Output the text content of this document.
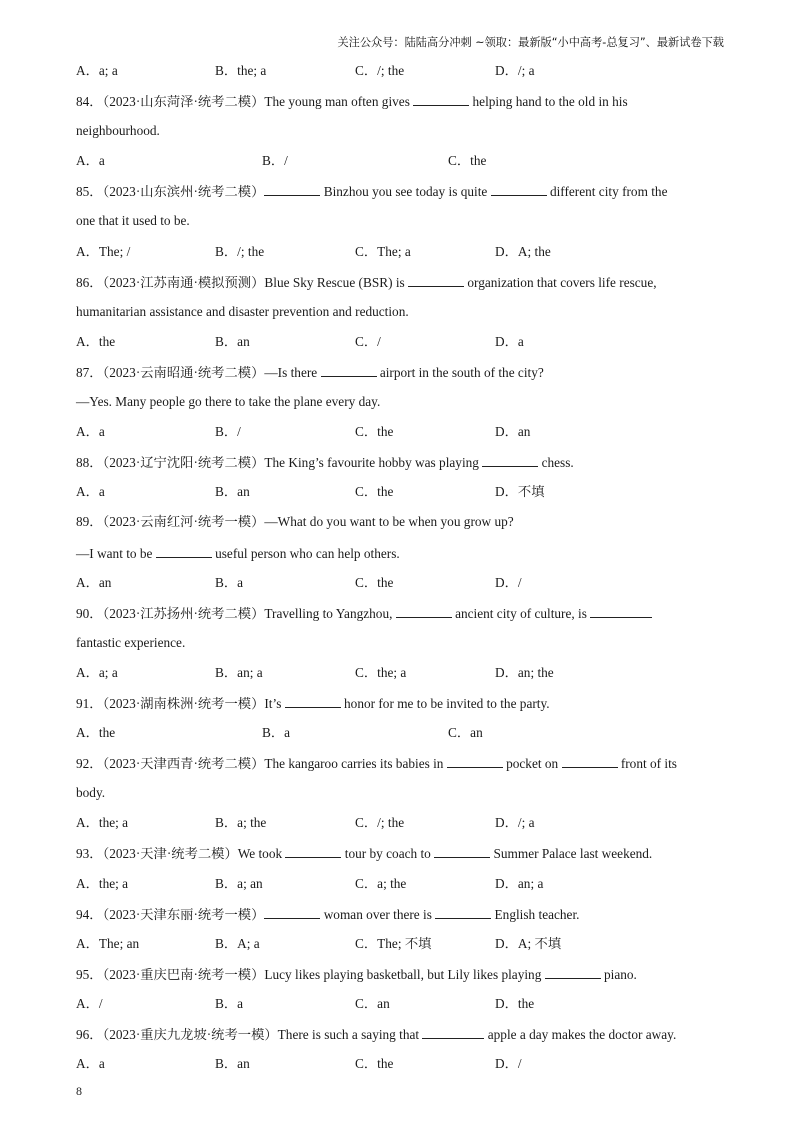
关注公众号：陆陆高分冲刺 ~领取：最新版“小中高考-总复习”、最新试卷下载
A．a; a	B．the; a	C．/; the	D．/; a
84．（2023·山东菏泽·统考二模）The young man often gives	helping hand to the old in his
neighbourhood.
A．a	B．/	C．the
85．（2023·山东滨州·统考二模）	Binzhou you see today is quite	different city from the
one that it used to be.
A．The; /	B．/; the	C．The; a	D．A; the
86．（2023·江苏南通·模拟预测）Blue Sky Rescue (BSR) is	organization that covers life rescue,
humanitarian assistance and disaster prevention and reduction.
A．the	B．an	C．/	D．a
87．（2023·云南昭通·统考二模）—Is there	airport in the south of the city?
—Yes. Many people go there to take the plane every day.
A．a	B．/	C．the	D．an
88．（2023·辽宁沈阳·统考二模）The King’s favourite hobby was playing	chess.
A．a	B．an	C．the	D．不填
89．（2023·云南红河·统考一模）—What do you want to be when you grow up?
—I want to be	useful person who can help others.
A．an	B．a	C．the	D．/
90．（2023·江苏扬州·统考二模）Travelling to Yangzhou,	ancient city of culture, is
fantastic experience.
A．a; a	B．an; a	C．the; a	D．an; the
91．（2023·湖南株洲·统考一模）It’s	honor for me to be invited to the party.
A．the	B．a	C．an
92．（2023·天津西青·统考二模）The kangaroo carries its babies in	pocket on	front of its
body.
A．the; a	B．a; the	C．/; the	D．/; a
93．（2023·天津·统考二模）We took	tour by coach to	Summer Palace last weekend.
A．the; a	B．a; an	C．a; the	D．an; a
94．（2023·天津东丽·统考一模）	woman over there is	English teacher.
A．The; an	B．A; a	C．The; 不填	D．A; 不填
95．（2023·重庆巴南·统考一模）Lucy likes playing basketball, but Lily likes playing	piano.
A．/	B．a	C．an	D．the
96．（2023·重庆九龙坡·统考一模）There is such a saying that	apple a day makes the doctor away.
A．a	B．an	C．the	D．/
8
